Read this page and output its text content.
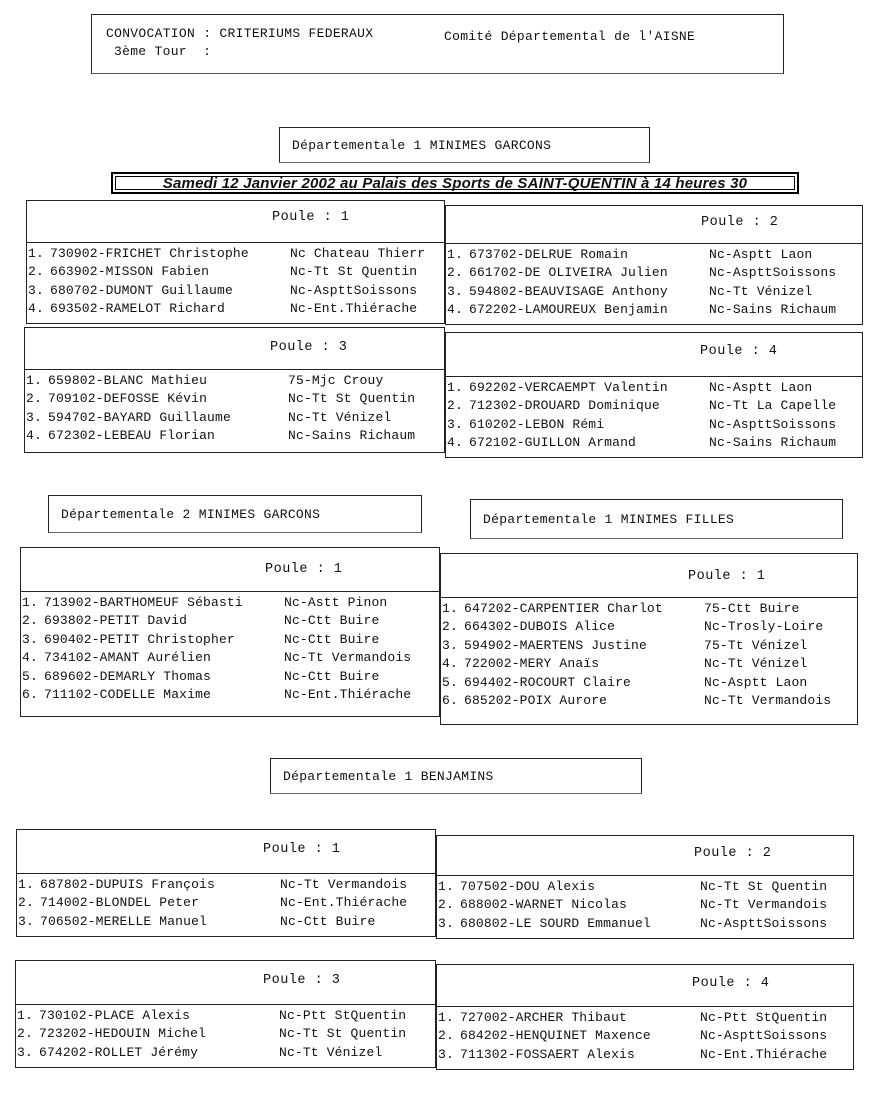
CONVOCATION : CRITERIUMS FEDERAUX	Comité Départemental de l'AISNE
3ème Tour  :
Départementale 1 MINIMES GARCONS
Samedi 12 Janvier 2002 au Palais des Sports de SAINT-QUENTIN à 14 heures 30
Poule : 1
1. 730902- FRICHET Christophe	Nc Chateau Thierr
2. 663902- MISSON Fabien	Nc-Tt St Quentin
3. 680702- DUMONT Guillaume	Nc-AspttSoissons
4. 693502- RAMELOT Richard	Nc-Ent.Thiérache
Poule : 2
1. 673702- DELRUE Romain	Nc-Asptt Laon
2. 661702- DE OLIVEIRA Julien	Nc-AspttSoissons
3. 594802- BEAUVISAGE Anthony	Nc-Tt Vénizel
4. 672202- LAMOUREUX Benjamin	Nc-Sains Richaum
Poule : 3
1. 659802- BLANC Mathieu	75-Mjc Crouy
2. 709102- DEFOSSE Kévin	Nc-Tt St Quentin
3. 594702- BAYARD Guillaume	Nc-Tt Vénizel
4. 672302- LEBEAU Florian	Nc-Sains Richaum
Poule : 4
1. 692202- VERCAEMPT Valentin	Nc-Asptt Laon
2. 712302- DROUARD Dominique	Nc-Tt La Capelle
3. 610202- LEBON Rémi	Nc-AspttSoissons
4. 672102- GUILLON Armand	Nc-Sains Richaum
Poule : 1
1. 713902- BARTHOMEUF Sébasti	Nc-Astt Pinon
2. 693802- PETIT David	Nc-Ctt Buire
3. 690402- PETIT Christopher	Nc-Ctt Buire
4. 734102- AMANT Aurélien	Nc-Tt Vermandois
5. 689602- DEMARLY Thomas	Nc-Ctt Buire
6. 711102- CODELLE Maxime	Nc-Ent.Thiérache
Poule : 1
1. 647202- CARPENTIER Charlot	75-Ctt Buire
2. 664302- DUBOIS Alice	Nc-Trosly-Loire
3. 594902- MAERTENS Justine	75-Tt Vénizel
4. 722002- MERY Anaïs	Nc-Tt Vénizel
5. 694402- ROCOURT Claire	Nc-Asptt Laon
6. 685202- POIX Aurore	Nc-Tt Vermandois
Poule : 1
1. 687802- DUPUIS François	Nc-Tt Vermandois
2. 714002- BLONDEL Peter	Nc-Ent.Thiérache
3. 706502- MERELLE Manuel	Nc-Ctt Buire
Poule : 2
1. 707502- DOU Alexis	Nc-Tt St Quentin
2. 688002- WARNET Nicolas	Nc-Tt Vermandois
3. 680802- LE SOURD Emmanuel	Nc-AspttSoissons
Poule : 3
1. 730102- PLACE Alexis	Nc-Ptt StQuentin
2. 723202- HEDOUIN Michel	Nc-Tt St Quentin
3. 674202- ROLLET Jérémy	Nc-Tt Vénizel
Poule : 4
1. 727002- ARCHER Thibaut	Nc-Ptt StQuentin
2. 684202- HENQUINET Maxence	Nc-AspttSoissons
3. 711302- FOSSAERT Alexis	Nc-Ent.Thiérache
Départementale 2 MINIMES GARCONS	Départementale 1 MINIMES FILLES
Départementale 1 BENJAMINS
